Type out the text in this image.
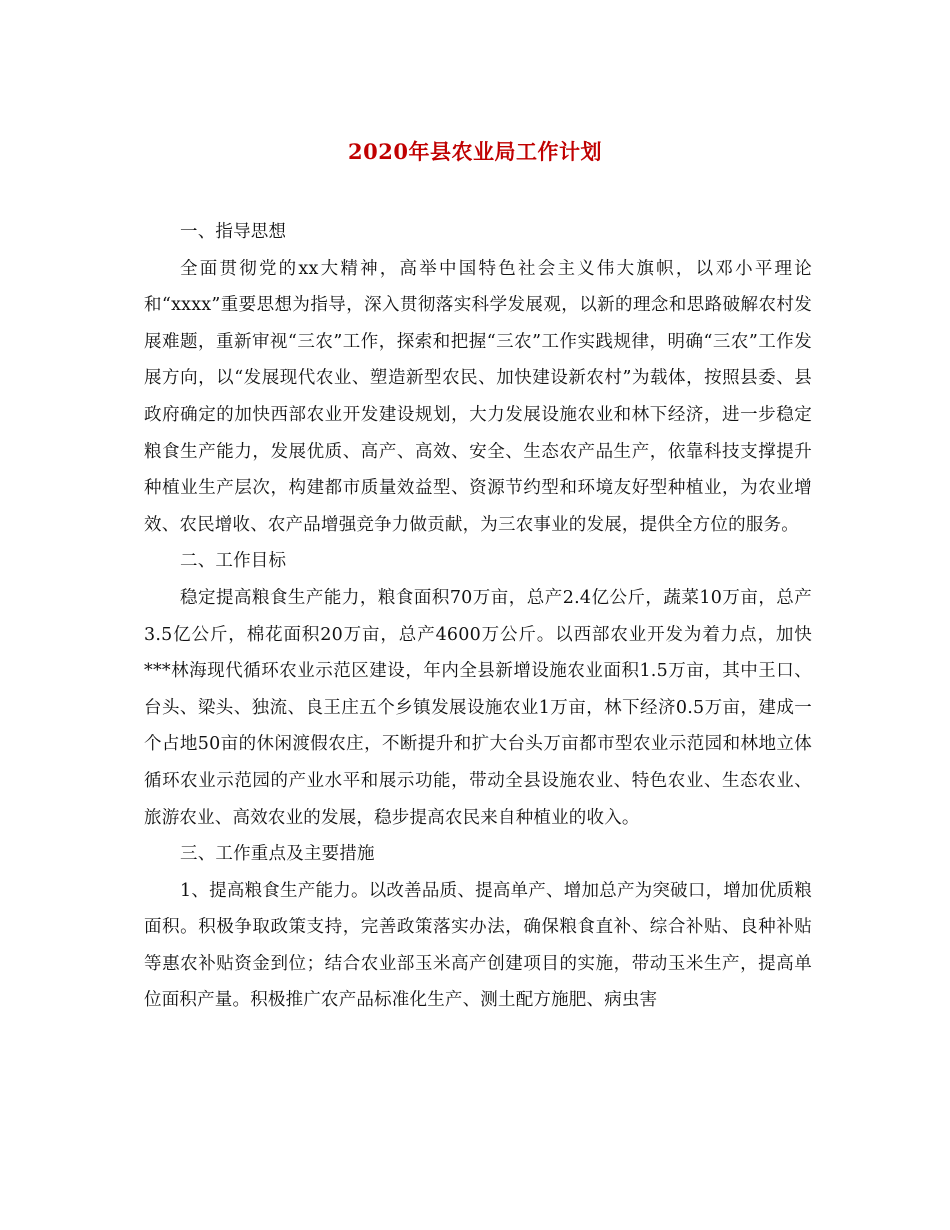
2020年县农业局工作计划

一、指导思想

全面贯彻党的xx大精神，高举中国特色社会主义伟大旗帜，以邓小平理论和“xxxx”重要思想为指导，深入贯彻落实科学发展观，以新的理念和思路破解农村发展难题，重新审视“三农”工作，探索和把握“三农”工作实践规律，明确“三农”工作发展方向，以“发展现代农业、塑造新型农民、加快建设新农村”为载体，按照县委、县政府确定的加快西部农业开发建设规划，大力发展设施农业和林下经济，进一步稳定粮食生产能力，发展优质、高产、高效、安全、生态农产品生产，依靠科技支撑提升种植业生产层次，构建都市质量效益型、资源节约型和环境友好型种植业，为农业增效、农民增收、农产品增强竞争力做贡献，为三农事业的发展，提供全方位的服务。

二、工作目标

稳定提高粮食生产能力，粮食面积70万亩，总产2.4亿公斤，蔬菜10万亩，总产3.5亿公斤，棉花面积20万亩，总产4600万公斤。以西部农业开发为着力点，加快***林海现代循环农业示范区建设，年内全县新增设施农业面积1.5万亩，其中王口、台头、梁头、独流、良王庄五个乡镇发展设施农业1万亩，林下经济0.5万亩，建成一个占地50亩的休闲渡假农庄，不断提升和扩大台头万亩都市型农业示范园和林地立体循环农业示范园的产业水平和展示功能，带动全县设施农业、特色农业、生态农业、旅游农业、高效农业的发展，稳步提高农民来自种植业的收入。

三、工作重点及主要措施

1、提高粮食生产能力。以改善品质、提高单产、增加总产为突破口，增加优质粮面积。积极争取政策支持，完善政策落实办法，确保粮食直补、综合补贴、良种补贴等惠农补贴资金到位；结合农业部玉米高产创建项目的实施，带动玉米生产，提高单位面积产量。积极推广农产品标准化生产、测土配方施肥、病虫害
